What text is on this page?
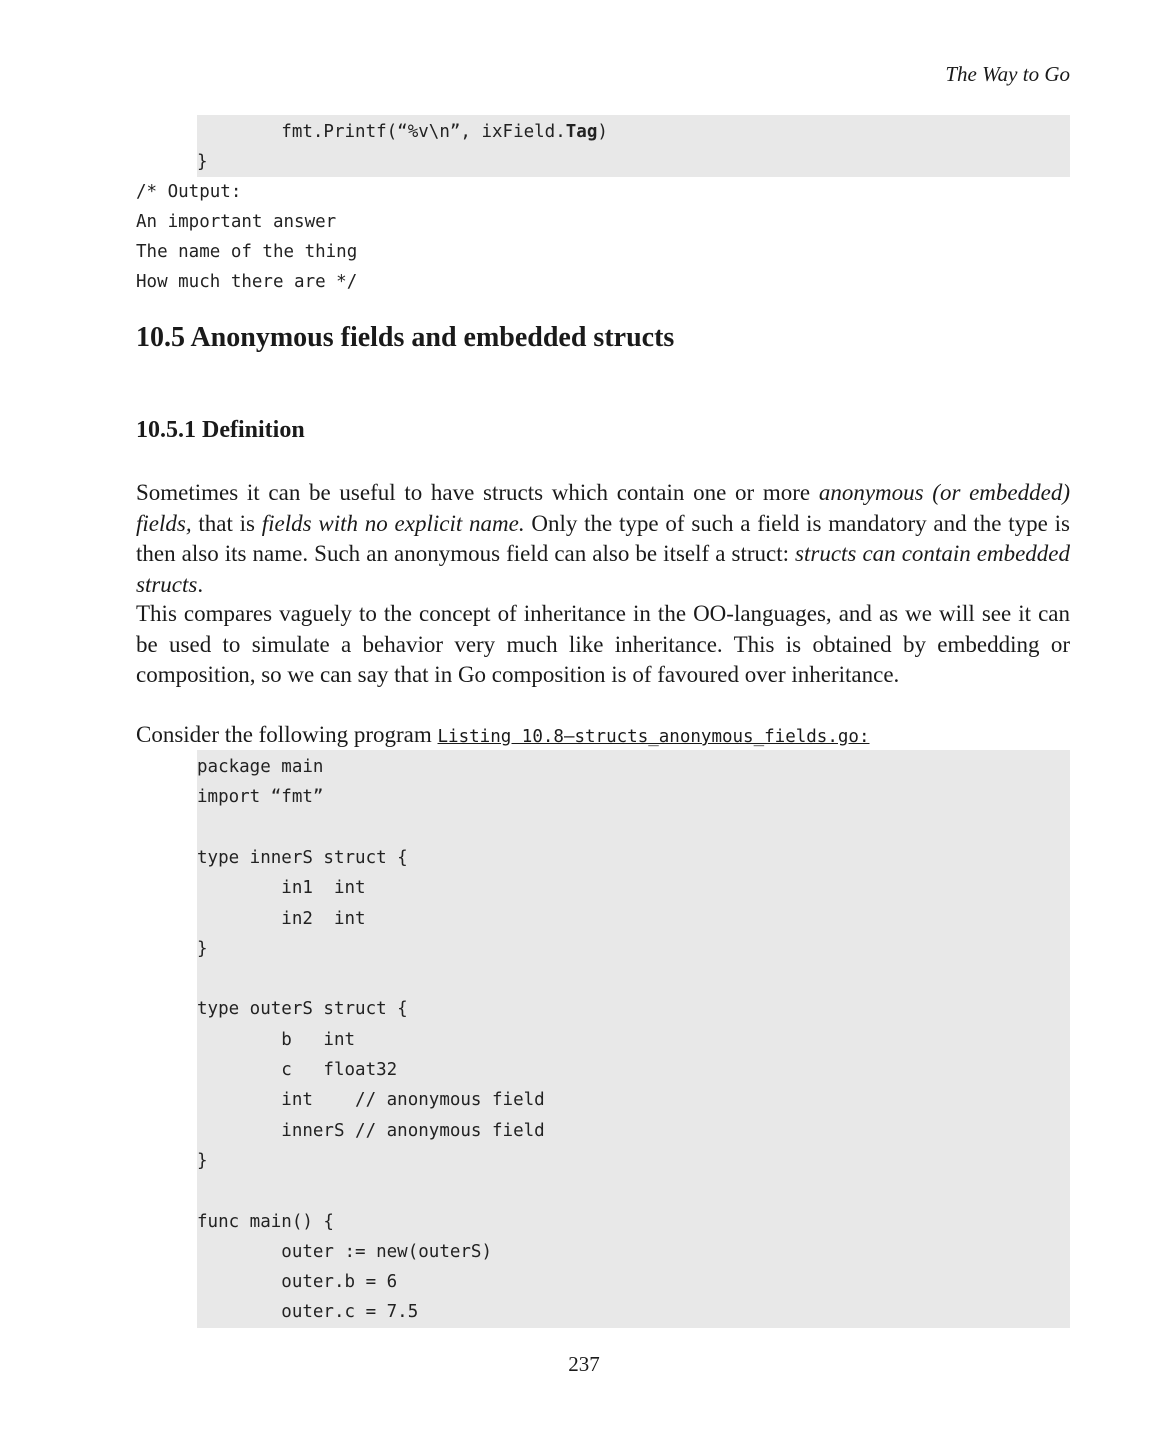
The Way to Go
fmt.Printf(“%v\n”, ixField.Tag)
}
/* Output:
An important answer
The name of the thing
How much there are */
10.5 Anonymous fields and embedded structs
10.5.1 Definition

Sometimes it can be useful to have structs which contain one or more anonymous (or embedded) fields, that is fields with no explicit name. Only the type of such a field is mandatory and the type is then also its name. Such an anonymous field can also be itself a struct: structs can contain embedded structs.

This compares vaguely to the concept of inheritance in the OO-languages, and as we will see it can be used to simulate a behavior very much like inheritance. This is obtained by embedding or composition, so we can say that in Go composition is of favoured over inheritance.

Consider the following program Listing 10.8—structs_anonymous_fields.go:

package main
import “fmt”
type innerS struct {
in1  int
in2  int
}
type outerS struct {
b   int
c   float32
int    // anonymous field
innerS // anonymous field
}
func main() {
outer := new(outerS)
outer.b = 6
outer.c = 7.5
237
